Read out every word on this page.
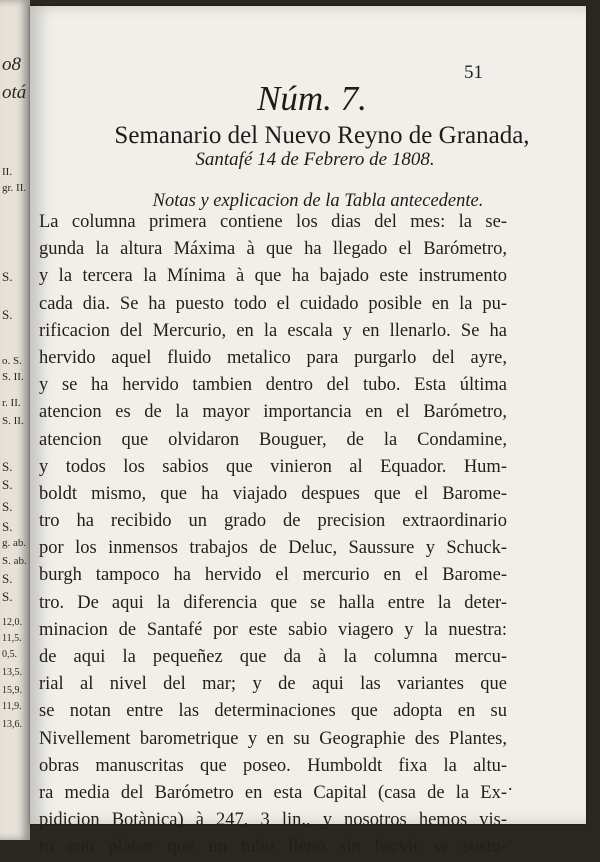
o8
otá
II.
gr. II.
S.
S.
o. S.
S. II.
r. II.
S. II.
S.
S.
S.
S.
g. ab.
S. ab.
S.
S.
12,0.
11,5.
0,5.
13,5.
15,9.
11,9.
13,6.
51
Núm. 7.
Semanario del Nuevo Reyno de Granada,
Santafé 14 de Febrero de 1808.
Notas y explicacion de la Tabla antecedente.
La columna primera contiene los dias del mes: la se-
gunda la altura Máxima à que ha llegado el Barómetro,
y la tercera la Mínima à que ha bajado este instrumento
cada dia. Se ha puesto todo el cuidado posible en la pu-
rificacion del Mercurio, en la escala y en llenarlo. Se ha
hervido aquel fluido metalico para purgarlo del ayre,
y se ha hervido tambien dentro del tubo. Esta última
atencion es de la mayor importancia en el Barómetro,
atencion que olvidaron Bouguer, de la Condamine,
y todos los sabios que vinieron al Equador. Hum-
boldt mismo, que ha viajado despues que el Barome-
tro ha recibido un grado de precision extraordinario
por los inmensos trabajos de Deluc, Saussure y Schuck-
burgh tampoco ha hervido el mercurio en el Barome-
tro. De aqui la diferencia que se halla entre la deter-
minacion de Santafé por este sabio viagero y la nuestra:
de aqui la pequeñez que da à la columna mercu-
rial al nivel del mar; y de aqui las variantes que
se notan entre las determinaciones que adopta en su
Nivellement barometrique y en su Geographie des Plantes,
obras manuscritas que poseo. Humboldt fixa la altu-
ra media del Barómetro en esta Capital (casa de la Ex-
pidicion Botànica) à 247, 3 lin., y nosotros hemos vis-
to con placer que un tubo lleno sin hervir se sostu-
.
